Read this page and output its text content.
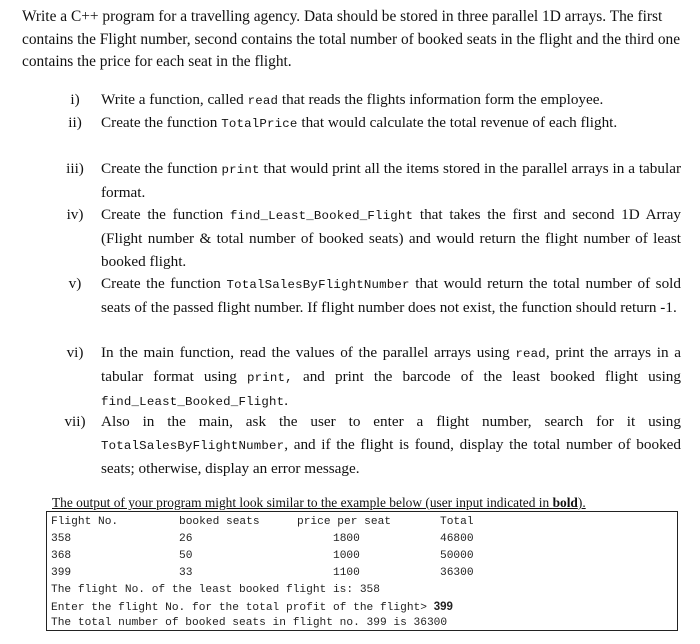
Write a C++ program for a travelling agency. Data should be stored in three parallel 1D arrays. The first contains the Flight number, second contains the total number of booked seats in the flight and the third one contains the price for each seat in the flight.

i)	Write a function, called read that reads the flights information form the employee.
ii)	Create the function TotalPrice that would calculate the total revenue of each flight.
iii)	Create the function print that would print all the items stored in the parallel arrays in a tabular format.
iv)	Create the function find_Least_Booked_Flight that takes the first and second 1D Array (Flight number & total number of booked seats) and would return the flight number of least booked flight.
v)	Create the function TotalSalesByFlightNumber that would return the total number of sold seats of the passed flight number. If flight number does not exist, the function should return -1.
vi)	In the main function, read the values of the parallel arrays using read, print the arrays in a tabular format using print, and print the barcode of the least booked flight using find_Least_Booked_Flight.
vii)	Also in the main, ask the user to enter a flight number, search for it using TotalSalesByFlightNumber, and if the flight is found, display the total number of booked seats; otherwise, display an error message.
The output of your program might look similar to the example below (user input indicated in bold).
Flight No.	booked seats	price per seat	Total
358	26	1800	46800
368	50	1000	50000
399	33	1100	36300
The flight No. of the least booked flight is: 358
Enter the flight No. for the total profit of the flight> 399
The total number of booked seats in flight no. 399 is 36300
